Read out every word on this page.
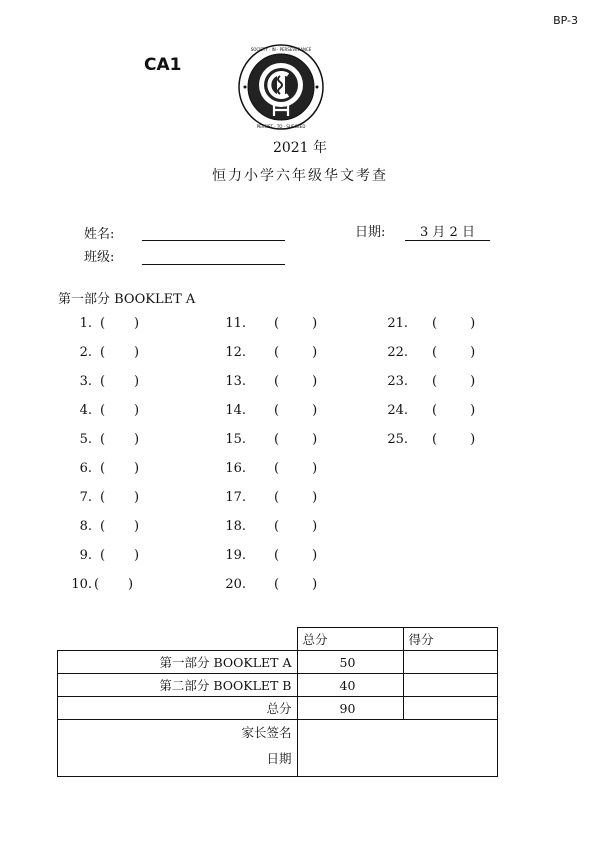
BP-3
CA1
SOCIETY · IN · PERSEVERANCE
PERSIST · TO · SUCCEED
2021 年
恒力小学六年级华文考查
姓名:
班级:
日期:	3 月 2 日
第一部分 BOOKLET A
1. (       )
2. (       )
3. (       )
4. (       )
5. (       )
6. (       )
7. (       )
8. (       )
9. (       )
10. (       )
11. (        )
12. (        )
13. (        )
14. (        )
15. (        )
16. (        )
17. (        )
18. (        )
19. (        )
20. (        )
21. (        )
22. (        )
23. (        )
24. (        )
25. (        )
	总分	得分
第一部分 BOOKLET A	50	
第二部分 BOOKLET B	40	
总分	90	

家长签名
日期		
